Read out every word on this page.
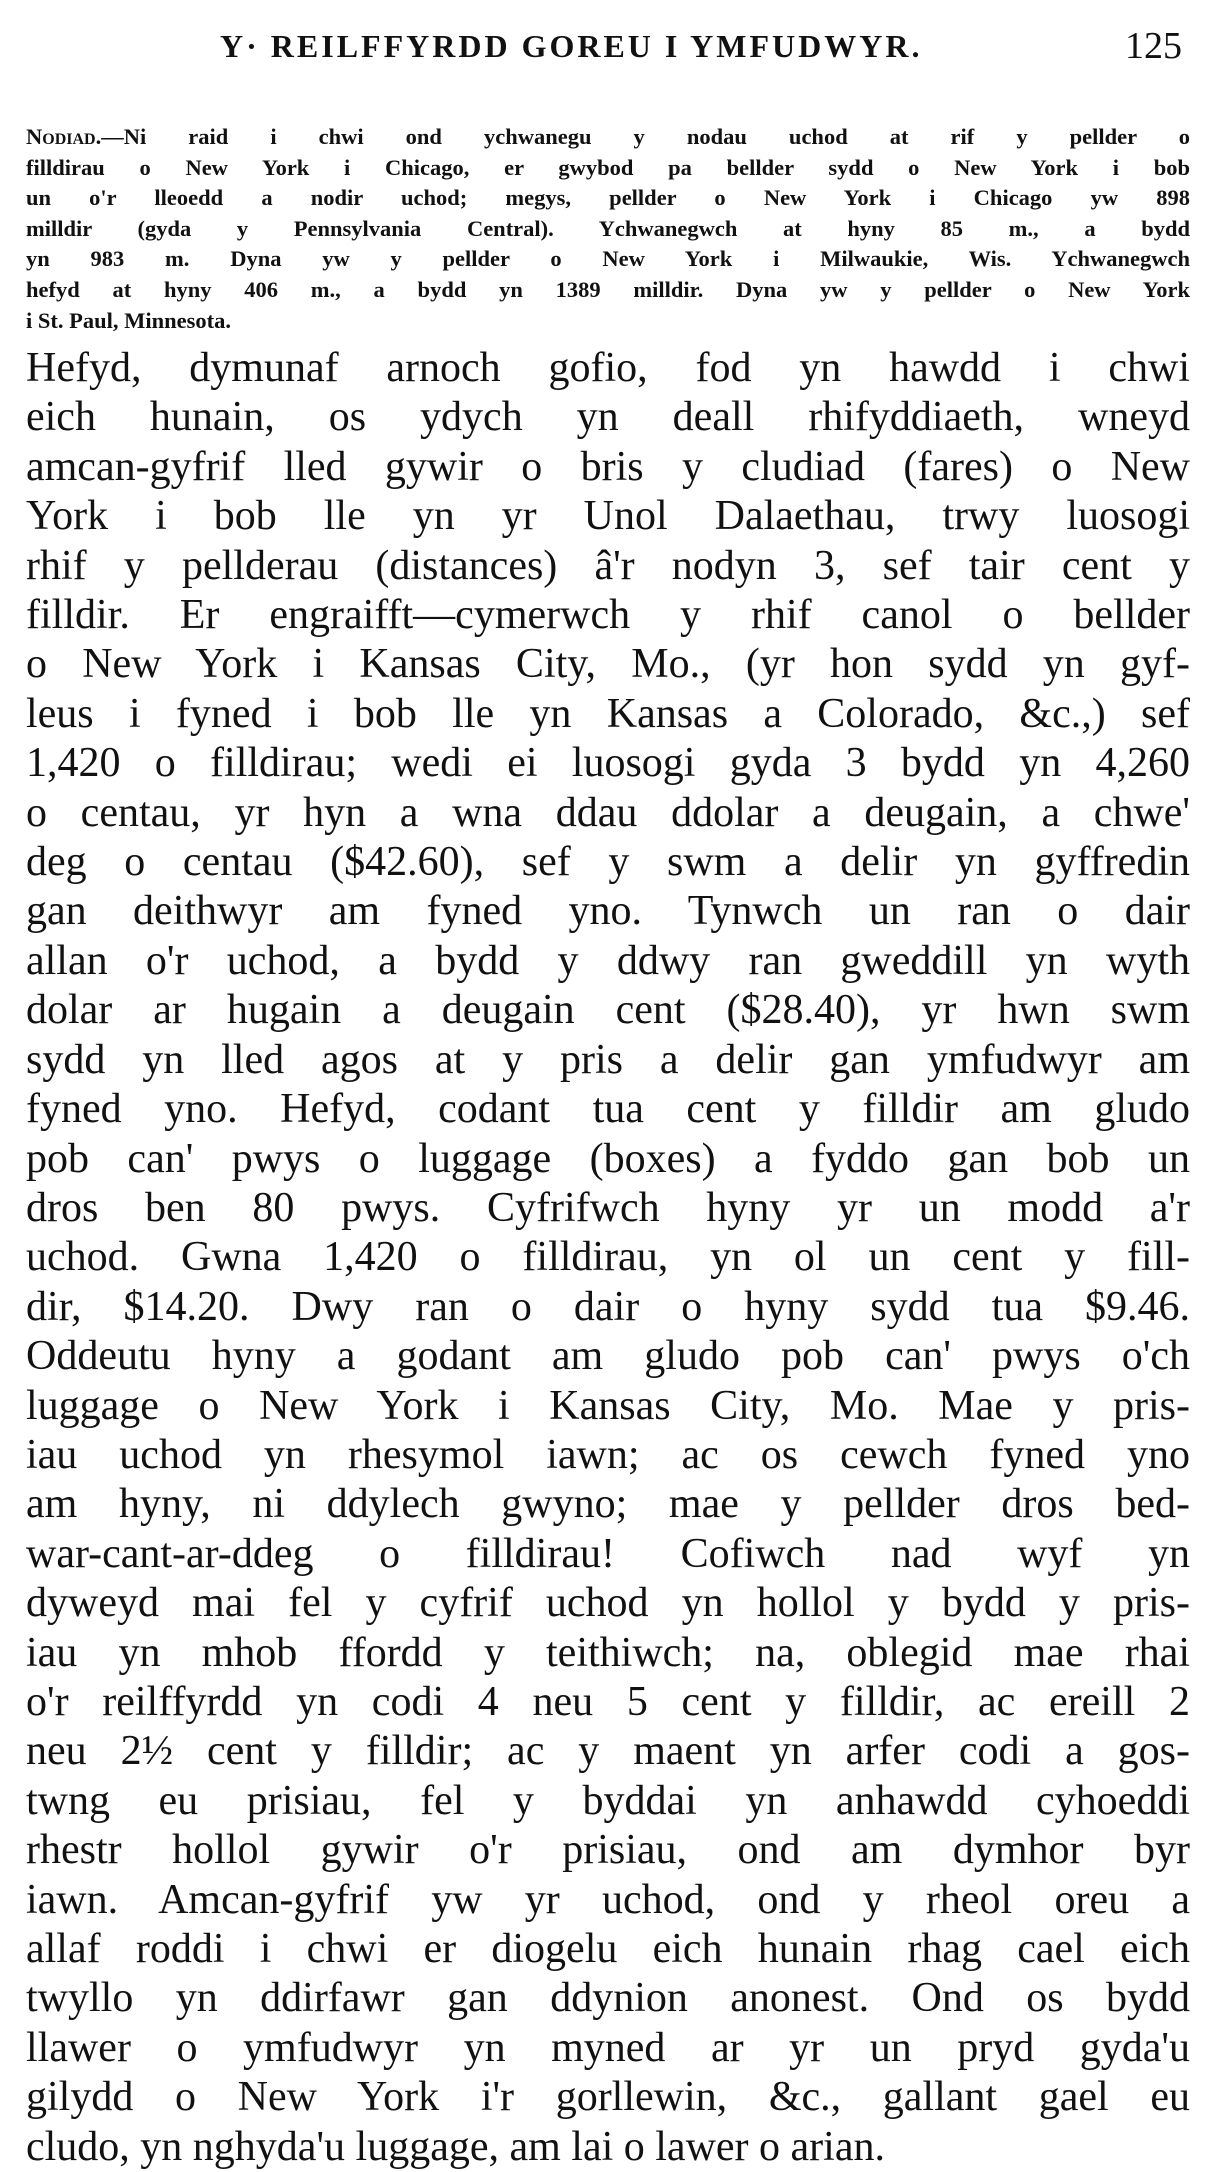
Y· REILFFYRDD GOREU I YMFUDWYR.	125
Nodiad.—Ni raid i chwi ond ychwanegu y nodau uchod at rif y pellder o
filldirau o New York i Chicago, er gwybod pa bellder sydd o New York i bob
un o'r lleoedd a nodir uchod; megys, pellder o New York i Chicago yw 898
milldir (gyda y Pennsylvania Central). Ychwanegwch at hyny 85 m., a bydd
yn 983 m. Dyna yw y pellder o New York i Milwaukie, Wis. Ychwanegwch
hefyd at hyny 406 m., a bydd yn 1389 milldir. Dyna yw y pellder o New York
i St. Paul, Minnesota.
Hefyd, dymunaf arnoch gofio, fod yn hawdd i chwi
eich hunain, os ydych yn deall rhifyddiaeth, wneyd
amcan-gyfrif lled gywir o bris y cludiad (fares) o New
York i bob lle yn yr Unol Dalaethau, trwy luosogi
rhif y pellderau (distances) â'r nodyn 3, sef tair cent y
filldir. Er engraifft—cymerwch y rhif canol o bellder
o New York i Kansas City, Mo., (yr hon sydd yn gyf-
leus i fyned i bob lle yn Kansas a Colorado, &c.,) sef
1,420 o filldirau; wedi ei luosogi gyda 3 bydd yn 4,260
o centau, yr hyn a wna ddau ddolar a deugain, a chwe'
deg o centau ($42.60), sef y swm a delir yn gyffredin
gan deithwyr am fyned yno. Tynwch un ran o dair
allan o'r uchod, a bydd y ddwy ran gweddill yn wyth
dolar ar hugain a deugain cent ($28.40), yr hwn swm
sydd yn lled agos at y pris a delir gan ymfudwyr am
fyned yno. Hefyd, codant tua cent y filldir am gludo
pob can' pwys o luggage (boxes) a fyddo gan bob un
dros ben 80 pwys. Cyfrifwch hyny yr un modd a'r
uchod. Gwna 1,420 o filldirau, yn ol un cent y fill-
dir, $14.20. Dwy ran o dair o hyny sydd tua $9.46.
Oddeutu hyny a godant am gludo pob can' pwys o'ch
luggage o New York i Kansas City, Mo. Mae y pris-
iau uchod yn rhesymol iawn; ac os cewch fyned yno
am hyny, ni ddylech gwyno; mae y pellder dros bed-
war-cant-ar-ddeg o filldirau! Cofiwch nad wyf yn
dyweyd mai fel y cyfrif uchod yn hollol y bydd y pris-
iau yn mhob ffordd y teithiwch; na, oblegid mae rhai
o'r reilffyrdd yn codi 4 neu 5 cent y filldir, ac ereill 2
neu 2½ cent y filldir; ac y maent yn arfer codi a gos-
twng eu prisiau, fel y byddai yn anhawdd cyhoeddi
rhestr hollol gywir o'r prisiau, ond am dymhor byr
iawn. Amcan-gyfrif yw yr uchod, ond y rheol oreu a
allaf roddi i chwi er diogelu eich hunain rhag cael eich
twyllo yn ddirfawr gan ddynion anonest. Ond os bydd
llawer o ymfudwyr yn myned ar yr un pryd gyda'u
gilydd o New York i'r gorllewin, &c., gallant gael eu
cludo, yn nghyda'u luggage, am lai o lawer o arian.
